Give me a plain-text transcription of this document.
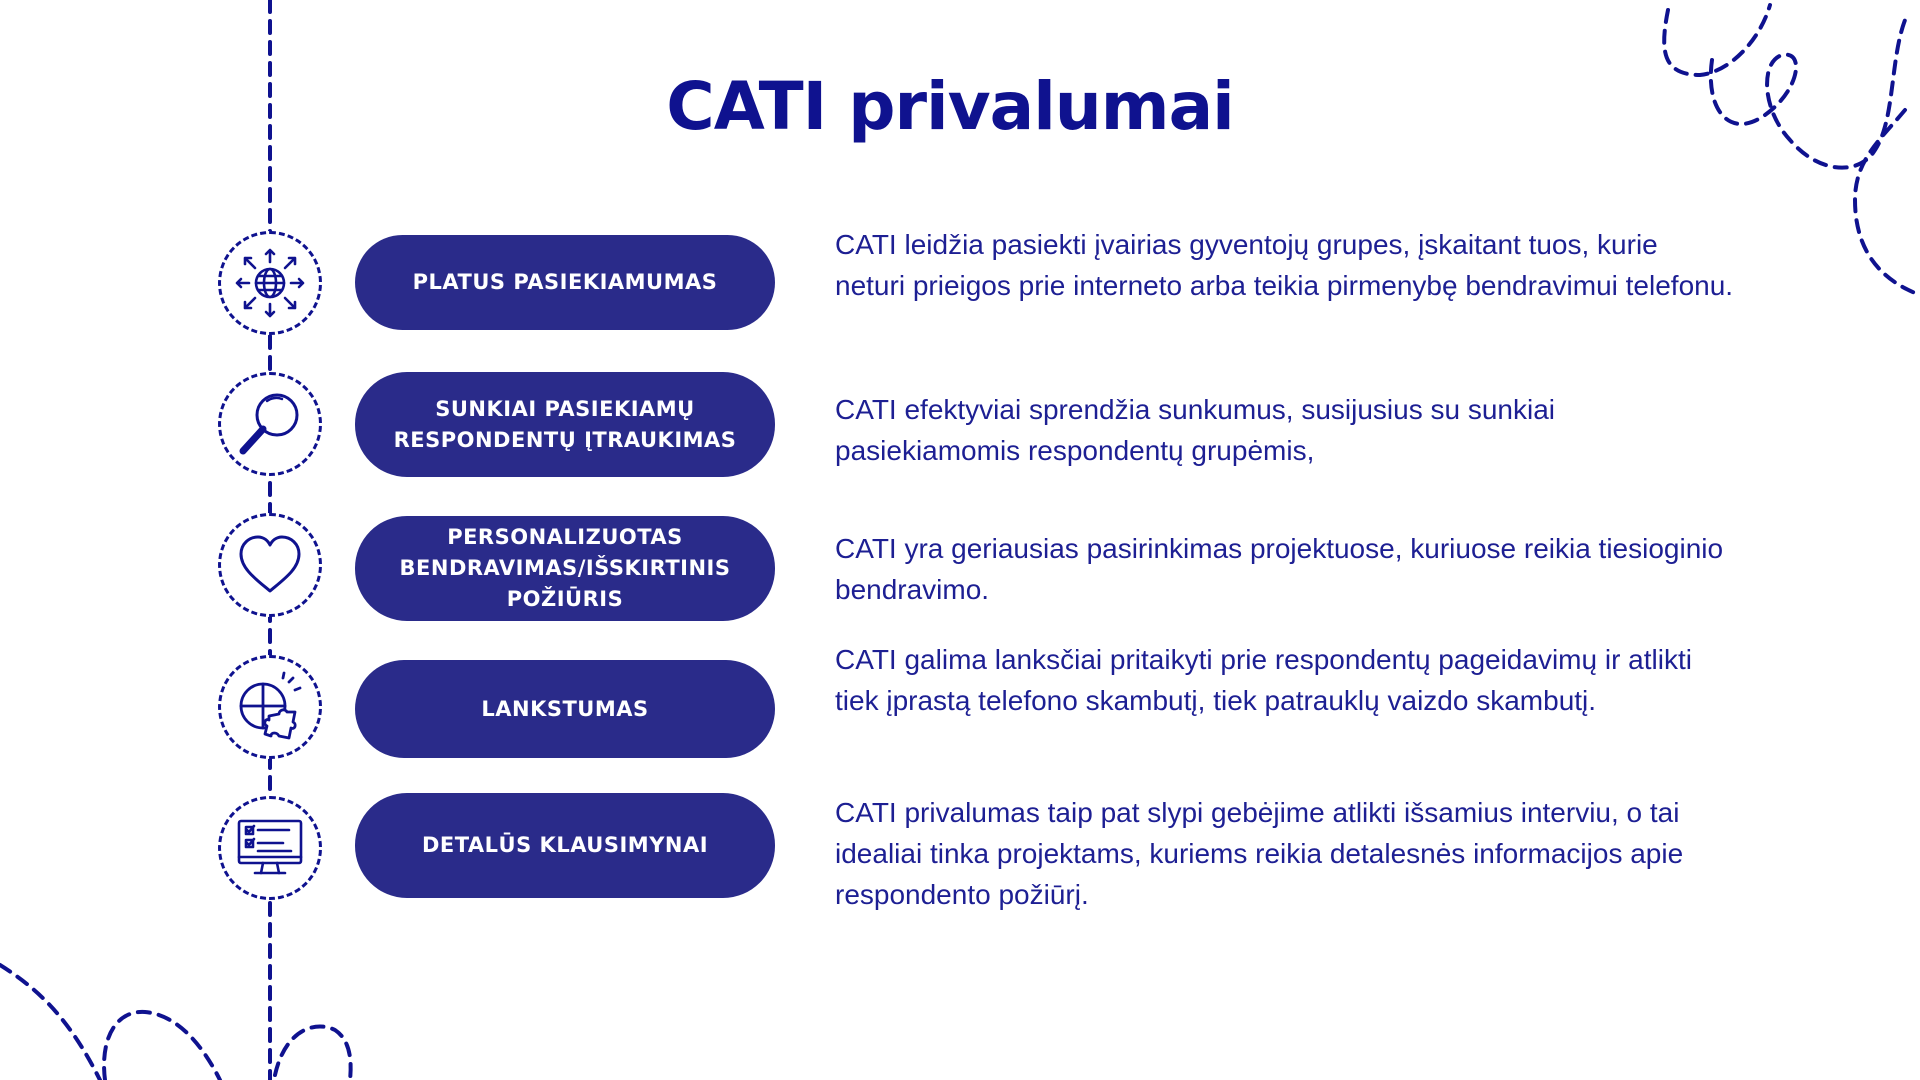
CATI privalumai
PLATUS PASIEKIAMUMAS

CATI leidžia pasiekti įvairias gyventojų grupes, įskaitant tuos, kurie neturi prieigos prie interneto arba teikia pirmenybę bendravimui telefonu.

SUNKIAI PASIEKIAMŲ RESPONDENTŲ ĮTRAUKIMAS

CATI efektyviai sprendžia sunkumus, susijusius su sunkiai pasiekiamomis respondentų grupėmis,

PERSONALIZUOTAS BENDRAVIMAS/IŠSKIRTINIS POŽIŪRIS

CATI yra geriausias pasirinkimas projektuose, kuriuose reikia tiesioginio bendravimo.

LANKSTUMAS

CATI galima lanksčiai pritaikyti prie respondentų pageidavimų ir atlikti tiek įprastą telefono skambutį, tiek patrauklų vaizdo skambutį.

DETALŪS KLAUSIMYNAI

CATI privalumas taip pat slypi gebėjime atlikti išsamius interviu, o tai idealiai tinka projektams, kuriems reikia detalesnės informacijos apie respondento požiūrį.
